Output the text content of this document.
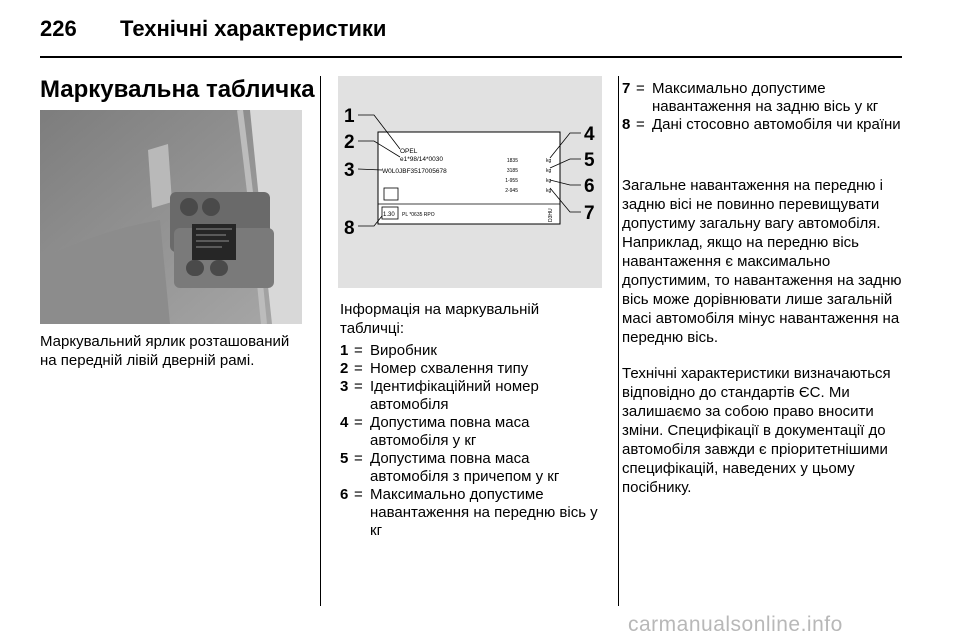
226 Технічні характеристики
Маркувальна табличка
Маркувальний ярлик розташований на передній лівій дверній рамі.
OPEL
e1*98/14*0030
W0L0JBF3517005678
1835
3185
1-955
2-945
kg
kg
kg
kg
1.30 PL *0635 RPO	D3HU
1
2
3
4
5
6
7
8
Інформація на маркувальній табличці:
1 = Виробник
2 = Номер схвалення типу
3 = Ідентифікаційний номер автомобіля
4 = Допустима повна маса автомобіля у кг
5 = Допустима повна маса автомобіля з причепом у кг
6 = Максимально допустиме навантаження на передню вісь у кг
7 = Максимально допустиме навантаження на задню вісь у кг
8 = Дані стосовно автомобіля чи країни
Загальне навантаження на передню і задню вісі не повинно перевищувати допустиму загальну вагу автомобіля. Наприклад, якщо на передню вісь навантаження є максимально допустимим, то навантаження на задню вісь може дорівнювати лише загальній масі автомобіля мінус навантаження на передню вісь.
Технічні характеристики визначаються відповідно до стандартів ЄС. Ми залишаємо за собою право вносити зміни. Специфікації в документації до автомобіля завжди є пріоритетнішими специфікацій, наведених у цьому посібнику.
carmanualsonline.info
